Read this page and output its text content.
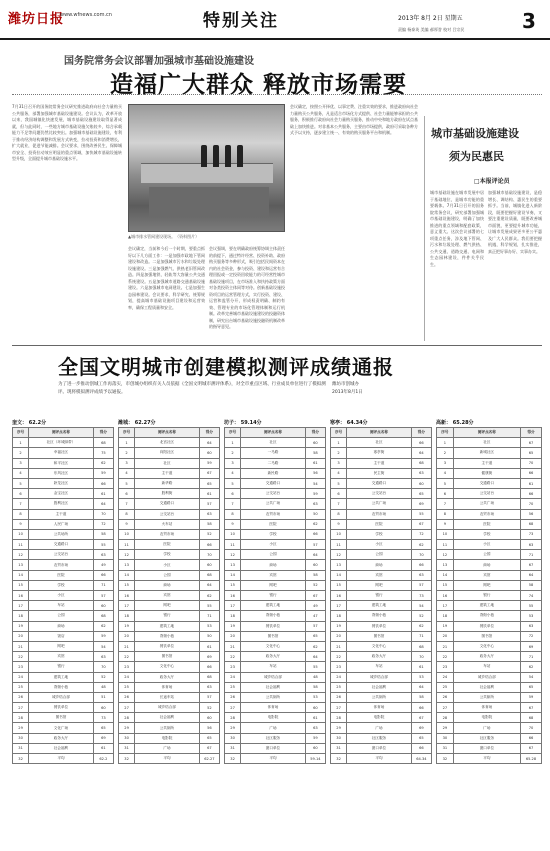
潍坊日报
www.wfnews.com.cn	特别关注	2013年 8月 2日 星期五
责编 杨泰英 美编 郝厚誉 校对 吕宗民	3
国务院常务会议部署加强城市基础设施建设
造福广大群众 释放市场需要
7月31日召开的国务院常务会议研究推进政府向社会力量购买公共服务，部署加强城市基础设施建设。会议认为，改革开放以来，我国城镇化快速发展，城市基础设施建设取得显著成就，但与此同时，一些地方城市基础设施欠账较多，综合承载能力不足等问题仍然比较突出。加强城市基础设施建设，有利于推动经济结构调整和发展方式转变，拉动投资和消费增长，扩大就业，促进节能减排。会议要求，围绕改善民生、保障城市安全、投资拉动效应明显的重点领域，加快城市基础设施转型升级，全面提升城市基础设施水平。
▲城市排水管网建设现场。（资料图片）
会议确定，当前和今后一个时期，要重点抓好以下几方面工作：一是加强市政地下管网建设和改造。二是加强城市污水和垃圾处理设施建设。三是加强燃气、供热老旧管网改造。四是加强地铁、轻轨等大容量公共交通系统建设。五是加强城市道路交通基础设施建设。六是加强城市电网建设。七是加强生态园林建设。会议要求，科学研究、统筹规划，提高城市基础设施项目建设和运营效率，确保工程质量和安全。
会议强调，要在明确政府统筹协调主体责任的前提下，通过特许经营、投资补助、政府购买服务等多种形式，吸引包括民间资本在内的社会资金，参与投资、建设和运营有合理回报或一定投资回收能力的可经营性城市基础设施项目，在市场准入和扶持政策方面对各类投资主体同等对待。创新基础设施投资项目的运营管理方式，实行投资、建设、运营和监管分开，形成权责明确、制约有效、管理专业的市场化管理体制和运行机制。改革完善城市基础设施建设的投融资体制，研究出台城市基础设施投融资机制改革的指导意见。
会议确定，按照公开择优、以事定费、注重实效的要求，推进政府向社会力量购买公共服务，凡是适合市场化方式提供、社会力量能够承担的公共服务，积极推行政府向社会力量购买服务，推动中央和地方政府在试点基础上加快推进。对非基本公共服务，主要由市场提供，政府可采取各种方式予以支持，逐步建立统一、有效的购买服务平台和机制。	城市基础设施建设
须为民惠民
□本报评论员
城市基础设施在城市发展中居于基础地位，是城市功能的重要载体。7月31日召开的国务院常务会议，研究部署加强城市基础设施建设，明确了加快推进的重点领域和配套政策，意义重大。这次会议部署的七项重点任务，涉及地下管网、污水和垃圾处理、燃气供热、公共交通、道路交通、电网和生态园林建设，件件关乎民生。
加强城市基础设施建设，是稳增长、调结构、惠民生的重要抓手。当前，城镇化进入新阶段，既要把握好建设节奏，又要注重建设质量，既要改善城市面貌，更要提升城市功能，让城市发展成果更多更公平惠及广大人民群众。我们要把握机遇，科学规划，扎实推进，真正把好事办好、实事办实。
全国文明城市创建模拟测评成绩通报
为了进一步推动创城工作再落实，市创城办组织有关人员依据《全国文明城市测评体系》，对全市重点区域、行业成员单位进行了模拟测评。现将模拟测评成绩予以通报。
潍坊市创城办
2013年8月1日
奎文： 62.2分	潍城： 62.27分	坊子： 59.14分	寒亭： 64.34分	高新： 65.28分
序号	测评点名称	得分
1	社区（环城绿带）	68
2	幸福社区	75
3	和平社区	62
4	东风社区	59
5	卧龙社区	66
6	金宝社区	61
7	胜利社区	64
8	主干道	70
9	人民广场	72
10	公共场所	58
11	交通路口	55
12	公交站台	63
13	农贸市场	49
14	医院	66
15	学校	71
16	小区	57
17	车站	60
18	公园	68
19	商场	62
20	饭店	59
21	网吧	54
22	宾馆	63
23	银行	70
24	建筑工地	52
25	背街小巷	48
26	城乡结合部	51
27	餐饮单位	60
28	图书馆	73
29	文化广场	65
30	政务大厅	69
31	社会福利	61
32	平均	62.2
序号	测评点名称	得分
1	北宫社区	64
2	向阳社区	60
3	社区	59
4	主干道	67
5	新华路	65
6	胜利街	61
7	交通路口	57
8	公交站台	63
9	火车站	58
10	农贸市场	52
11	医院	66
12	学校	70
13	小区	60
14	公园	68
15	商场	64
16	宾馆	62
17	网吧	55
18	银行	71
19	建筑工地	53
20	背街小巷	50
21	餐饮单位	61
22	图书馆	69
23	文化中心	66
24	政务大厅	68
25	体育场	63
26	长途车站	57
27	城乡结合部	52
28	社会福利	60
29	公共厕所	56
30	电影院	65
31	广场	67
32	平均	62.27
序号	测评点名称	得分
1	社区	60
2	一马路	58
3	二马路	61
4	新民路	56
5	交通路口	54
6	公交站台	59
7	公共广场	63
8	农贸市场	50
9	医院	62
10	学校	66
11	小区	57
12	公园	64
13	商场	60
14	宾馆	58
15	网吧	52
16	银行	67
17	建筑工地	49
18	背街小巷	47
19	餐饮单位	57
20	图书馆	65
21	文化中心	62
22	政务大厅	64
23	车站	55
24	城乡结合部	48
25	社会福利	58
26	公共厕所	53
27	体育场	60
28	电影院	61
29	广场	63
30	社区服务	59
31	窗口单位	60
32	平均	59.14
序号	测评点名称	得分
1	社区	66
2	寒亭街	64
3	主干道	68
4	民主街	63
5	交通路口	60
6	公交站台	65
7	公共广场	69
8	农贸市场	55
9	医院	67
10	学校	72
11	小区	62
12	公园	70
13	商场	66
14	宾馆	63
15	网吧	57
16	银行	73
17	建筑工地	54
18	背街小巷	52
19	餐饮单位	62
20	图书馆	71
21	文化中心	68
22	政务大厅	70
23	车站	61
24	城乡结合部	53
25	社会福利	64
26	公共厕所	58
27	体育场	66
28	电影院	67
29	广场	69
30	社区服务	65
31	窗口单位	66
32	平均	64.34
序号	测评点名称	得分
1	社区	67
2	新城社区	65
3	主干道	70
4	健康街	66
5	交通路口	61
6	公交站台	66
7	公共广场	70
8	农贸市场	56
9	医院	68
10	学校	73
11	小区	63
12	公园	71
13	商场	67
14	宾馆	64
15	网吧	58
16	银行	74
17	建筑工地	55
18	背街小巷	53
19	餐饮单位	63
20	图书馆	72
21	文化中心	69
22	政务大厅	71
23	车站	62
24	城乡结合部	54
25	社会福利	65
26	公共厕所	59
27	体育场	67
28	电影院	68
29	广场	70
30	社区服务	66
31	窗口单位	67
32	平均	65.28
